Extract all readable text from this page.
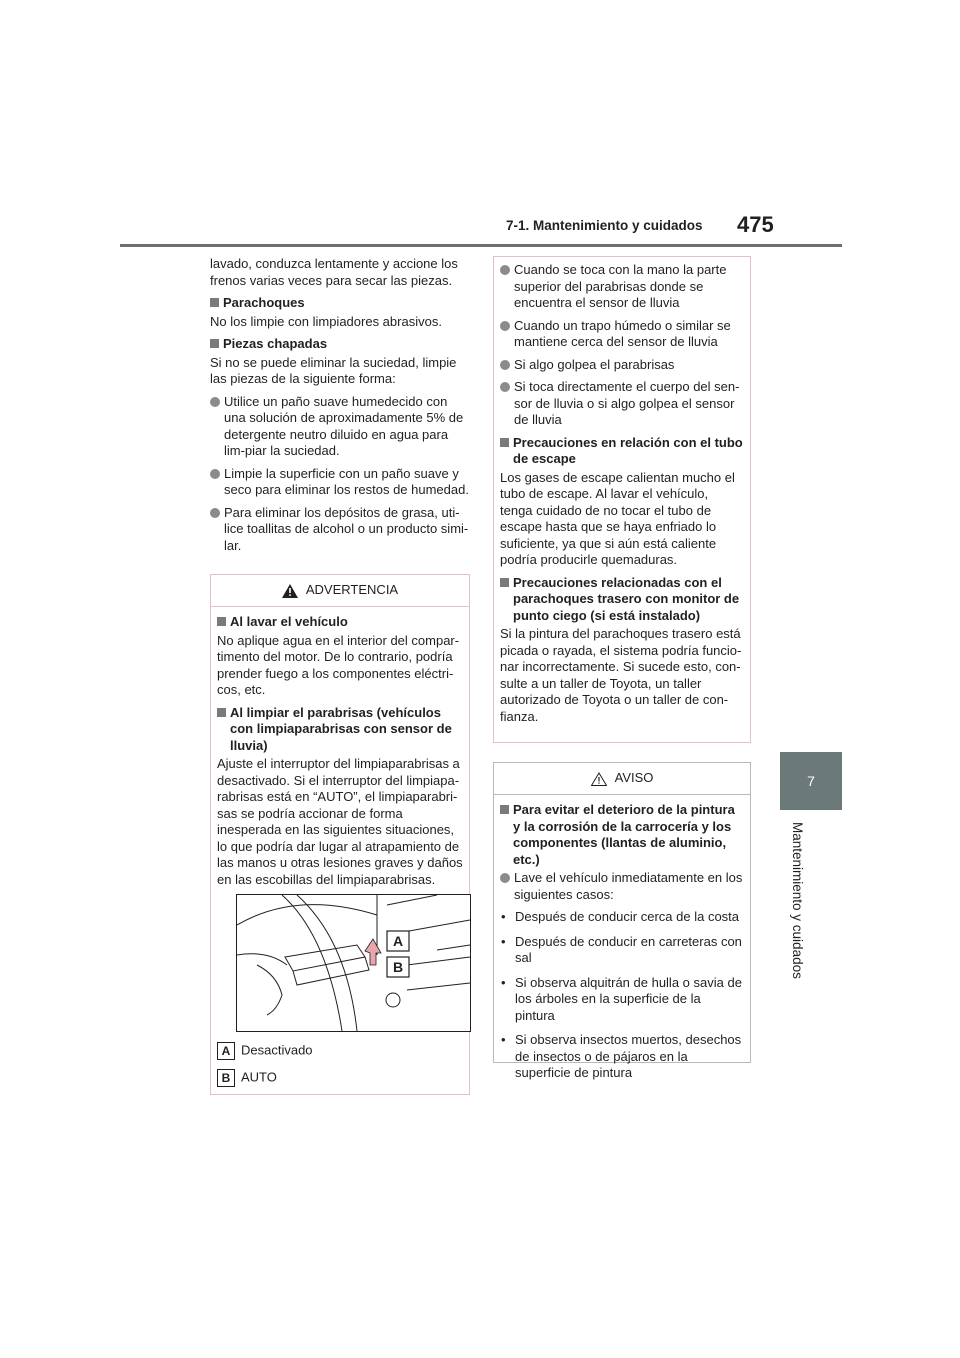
7-1. Mantenimiento y cuidados 475
7
Mantenimiento y cuidados

lavado, conduzca lentamente y accione los frenos varias veces para secar las piezas.

Parachoques

No los limpie con limpiadores abrasivos.

Piezas chapadas

Si no se puede eliminar la suciedad, limpie las piezas de la siguiente forma:

Utilice un paño suave humedecido con una solución de aproximadamente 5% de detergente neutro diluido en agua para lim-piar la suciedad.

Limpie la superficie con un paño suave y seco para eliminar los restos de humedad.

Para eliminar los depósitos de grasa, uti-lice toallitas de alcohol o un producto simi-lar.

ADVERTENCIA

Al lavar el vehículo

No aplique agua en el interior del compar-timento del motor. De lo contrario, podría prender fuego a los componentes eléctri-cos, etc.

Al limpiar el parabrisas (vehículos con limpiaparabrisas con sensor de lluvia)

Ajuste el interruptor del limpiaparabrisas a desactivado. Si el interruptor del limpiapa-rabrisas está en “AUTO”, el limpiaparabri-sas se podría accionar de forma inesperada en las siguientes situaciones, lo que podría dar lugar al atrapamiento de las manos u otras lesiones graves y daños en las escobillas del limpiaparabrisas.

A
B
A Desactivado
B AUTO

Cuando se toca con la mano la parte superior del parabrisas donde se encuentra el sensor de lluvia

Cuando un trapo húmedo o similar se mantiene cerca del sensor de lluvia

Si algo golpea el parabrisas

Si toca directamente el cuerpo del sen-sor de lluvia o si algo golpea el sensor de lluvia

Precauciones en relación con el tubo de escape

Los gases de escape calientan mucho el tubo de escape. Al lavar el vehículo, tenga cuidado de no tocar el tubo de escape hasta que se haya enfriado lo suficiente, ya que si aún está caliente podría producirle quemaduras.

Precauciones relacionadas con el parachoques trasero con monitor de punto ciego (si está instalado)

Si la pintura del parachoques trasero está picada o rayada, el sistema podría funcio-nar incorrectamente. Si sucede esto, con-sulte a un taller de Toyota, un taller autorizado de Toyota o un taller de con-fianza.

AVISO

Para evitar el deterioro de la pintura y la corrosión de la carrocería y los componentes (llantas de aluminio, etc.)

Lave el vehículo inmediatamente en los siguientes casos:

• Después de conducir cerca de la costa

• Después de conducir en carreteras con sal

• Si observa alquitrán de hulla o savia de los árboles en la superficie de la pintura

• Si observa insectos muertos, desechos de insectos o de pájaros en la superficie de pintura
